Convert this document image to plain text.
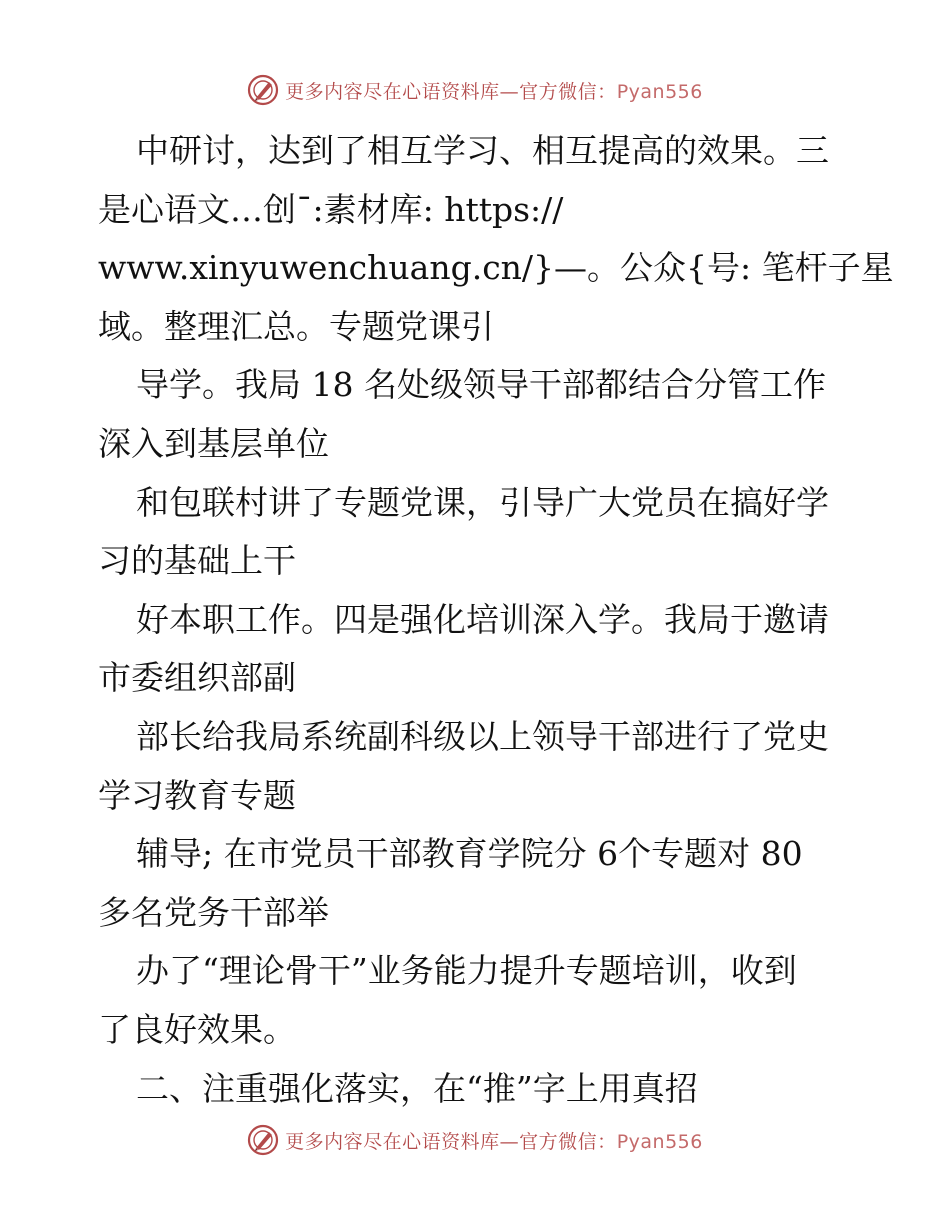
更多内容尽在心语资料库—官方微信：Pyan556
中研讨，达到了相互学习、相互提高的效果。三
是心语文…创¯:素材库: https://
www.xinyuwenchuang.cn/}—。公众{号: 笔杆子星
域。整理汇总。专题党课引
导学。我局 18 名处级领导干部都结合分管工作
深入到基层单位
和包联村讲了专题党课，引导广大党员在搞好学
习的基础上干
好本职工作。四是强化培训深入学。我局于邀请
市委组织部副
部长给我局系统副科级以上领导干部进行了党史
学习教育专题
辅导; 在市党员干部教育学院分 6个专题对 80
多名党务干部举
办了“理论骨干”业务能力提升专题培训，收到
了良好效果。
二、注重强化落实，在“推”字上用真招
更多内容尽在心语资料库—官方微信：Pyan556
